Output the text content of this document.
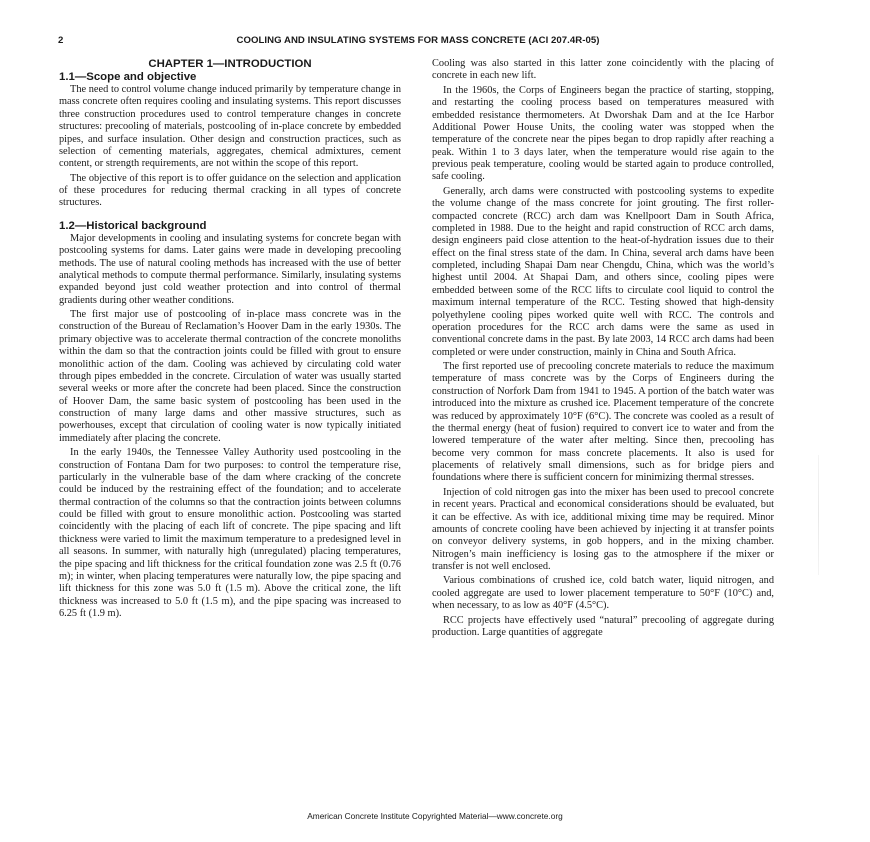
2	COOLING AND INSULATING SYSTEMS FOR MASS CONCRETE (ACI 207.4R-05)
CHAPTER 1—INTRODUCTION
1.1—Scope and objective

The need to control volume change induced primarily by temperature change in mass concrete often requires cooling and insulating systems. This report discusses three construction procedures used to control temperature changes in concrete structures: precooling of materials, postcooling of in-place concrete by embedded pipes, and surface insulation. Other design and construction practices, such as selection of cementing materials, aggregates, chemical admixtures, cement content, or strength requirements, are not within the scope of this report.

The objective of this report is to offer guidance on the selection and application of these procedures for reducing thermal cracking in all types of concrete structures.

1.2—Historical background

Major developments in cooling and insulating systems for concrete began with postcooling systems for dams. Later gains were made in developing precooling methods. The use of natural cooling methods has increased with the use of better analytical methods to compute thermal performance. Similarly, insulating systems expanded beyond just cold weather protection and into control of thermal gradients during other weather conditions.

The first major use of postcooling of in-place mass concrete was in the construction of the Bureau of Reclamation’s Hoover Dam in the early 1930s. The primary objective was to accelerate thermal contraction of the concrete monoliths within the dam so that the contraction joints could be filled with grout to ensure monolithic action of the dam. Cooling was achieved by circulating cold water through pipes embedded in the concrete. Circulation of water was usually started several weeks or more after the concrete had been placed. Since the construction of Hoover Dam, the same basic system of postcooling has been used in the construction of many large dams and other massive structures, such as powerhouses, except that circulation of cooling water is now typically initiated immediately after placing the concrete.

In the early 1940s, the Tennessee Valley Authority used postcooling in the construction of Fontana Dam for two purposes: to control the temperature rise, particularly in the vulnerable base of the dam where cracking of the concrete could be induced by the restraining effect of the foundation; and to accelerate thermal contraction of the columns so that the contraction joints between columns could be filled with grout to ensure monolithic action. Postcooling was started coincidently with the placing of each lift of concrete. The pipe spacing and lift thickness were varied to limit the maximum temperature to a predesigned level in all seasons. In summer, with naturally high (unregulated) placing temperatures, the pipe spacing and lift thickness for the critical foundation zone was 2.5 ft (0.76 m); in winter, when placing temperatures were naturally low, the pipe spacing and lift thickness for this zone was 5.0 ft (1.5 m). Above the critical zone, the lift thickness was increased to 5.0 ft (1.5 m), and the pipe spacing was increased to 6.25 ft (1.9 m).

Cooling was also started in this latter zone coincidently with the placing of concrete in each new lift.

In the 1960s, the Corps of Engineers began the practice of starting, stopping, and restarting the cooling process based on temperatures measured with embedded resistance thermometers. At Dworshak Dam and at the Ice Harbor Additional Power House Units, the cooling water was stopped when the temperature of the concrete near the pipes began to drop rapidly after reaching a peak. Within 1 to 3 days later, when the temperature would rise again to the previous peak temperature, cooling would be started again to produce controlled, safe cooling.

Generally, arch dams were constructed with postcooling systems to expedite the volume change of the mass concrete for joint grouting. The first roller-compacted concrete (RCC) arch dam was Knellpoort Dam in South Africa, completed in 1988. Due to the height and rapid construction of RCC arch dams, design engineers paid close attention to the heat-of-hydration issues due to their effect on the final stress state of the dam. In China, several arch dams have been completed, including Shapai Dam near Chengdu, China, which was the world’s highest until 2004. At Shapai Dam, and others since, cooling pipes were embedded between some of the RCC lifts to circulate cool liquid to control the maximum internal temperature of the RCC. Testing showed that high-density polyethylene cooling pipes worked quite well with RCC. The controls and operation procedures for the RCC arch dams were the same as used in conventional concrete dams in the past. By late 2003, 14 RCC arch dams had been completed or were under construction, mainly in China and South Africa.

The first reported use of precooling concrete materials to reduce the maximum temperature of mass concrete was by the Corps of Engineers during the construction of Norfork Dam from 1941 to 1945. A portion of the batch water was introduced into the mixture as crushed ice. Placement temperature of the concrete was reduced by approximately 10°F (6°C). The concrete was cooled as a result of the thermal energy (heat of fusion) required to convert ice to water and from the lowered temperature of the water after melting. Since then, precooling has become very common for mass concrete placements. It also is used for placements of relatively small dimensions, such as for bridge piers and foundations where there is sufficient concern for minimizing thermal stresses.

Injection of cold nitrogen gas into the mixer has been used to precool concrete in recent years. Practical and economical considerations should be evaluated, but it can be effective. As with ice, additional mixing time may be required. Minor amounts of concrete cooling have been achieved by injecting it at transfer points on conveyor delivery systems, in gob hoppers, and in the mixing chamber. Nitrogen’s main inefficiency is losing gas to the atmosphere if the mixer or transfer is not well enclosed.

Various combinations of crushed ice, cold batch water, liquid nitrogen, and cooled aggregate are used to lower placement temperature to 50°F (10°C) and, when necessary, to as low as 40°F (4.5°C).

RCC projects have effectively used “natural” precooling of aggregate during production. Large quantities of aggregate

American Concrete Institute Copyrighted Material—www.concrete.org
